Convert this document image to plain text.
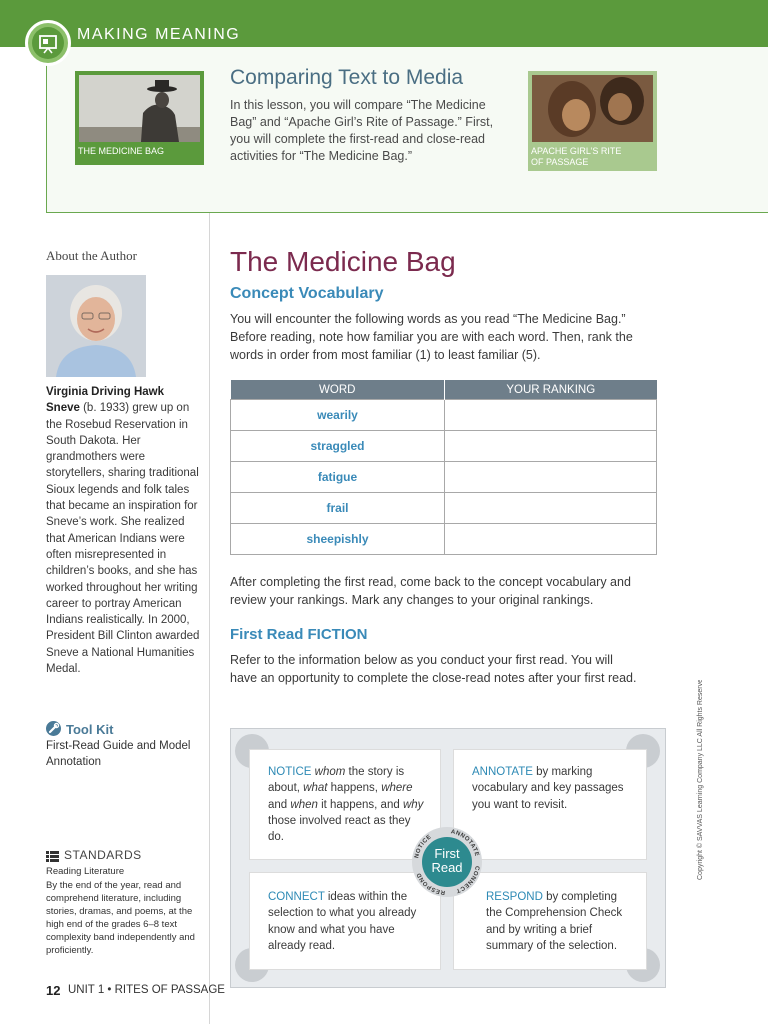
MAKING MEANING
THE MEDICINE BAG	APACHE GIRL’S RITE
OF PASSAGE
Comparing Text to Media
In this lesson, you will compare “The Medicine Bag” and “Apache Girl’s Rite of Passage.” First, you will complete the first-read and close-read activities for “The Medicine Bag.”
About the Author
Virginia Driving Hawk Sneve (b. 1933) grew up on the Rosebud Reservation in South Dakota. Her grandmothers were storytellers, sharing traditional Sioux legends and folk tales that became an inspiration for Sneve’s work. She realized that American Indians were often misrepresented in children’s books, and she has worked throughout her writing career to portray American Indians realistically. In 2000, President Bill Clinton awarded Sneve a National Humanities Medal.
Tool Kit
First-Read Guide and Model Annotation
STANDARDS
Reading Literature
By the end of the year, read and comprehend literature, including stories, dramas, and poems, at the high end of the grades 6–8 text complexity band independently and proficiently.
12 UNIT 1 • RITES OF PASSAGE
The Medicine Bag
Concept Vocabulary
You will encounter the following words as you read “The Medicine Bag.” Before reading, note how familiar you are with each word. Then, rank the words in order from most familiar (1) to least familiar (5).
WORD	YOUR RANKING
wearily	
straggled	
fatigue	
frail	
sheepishly	
After completing the first read, come back to the concept vocabulary and review your rankings. Mark any changes to your original rankings.
First Read FICTION
Refer to the information below as you conduct your first read. You will have an opportunity to complete the close-read notes after your first read.
NOTICE whom the story is about, what happens, where and when it happens, and why those involved react as they do.
ANNOTATE by marking vocabulary and key passages you want to revisit.
CONNECT ideas within the selection to what you already know and what you have already read.
RESPOND by completing the Comprehension Check and by writing a brief summary of the selection.
NOTICE
ANNOTATE
CONNECT
RESPOND
First
Read	Copyright © SAVVAS Learning Company LLC All Rights Reserved.
